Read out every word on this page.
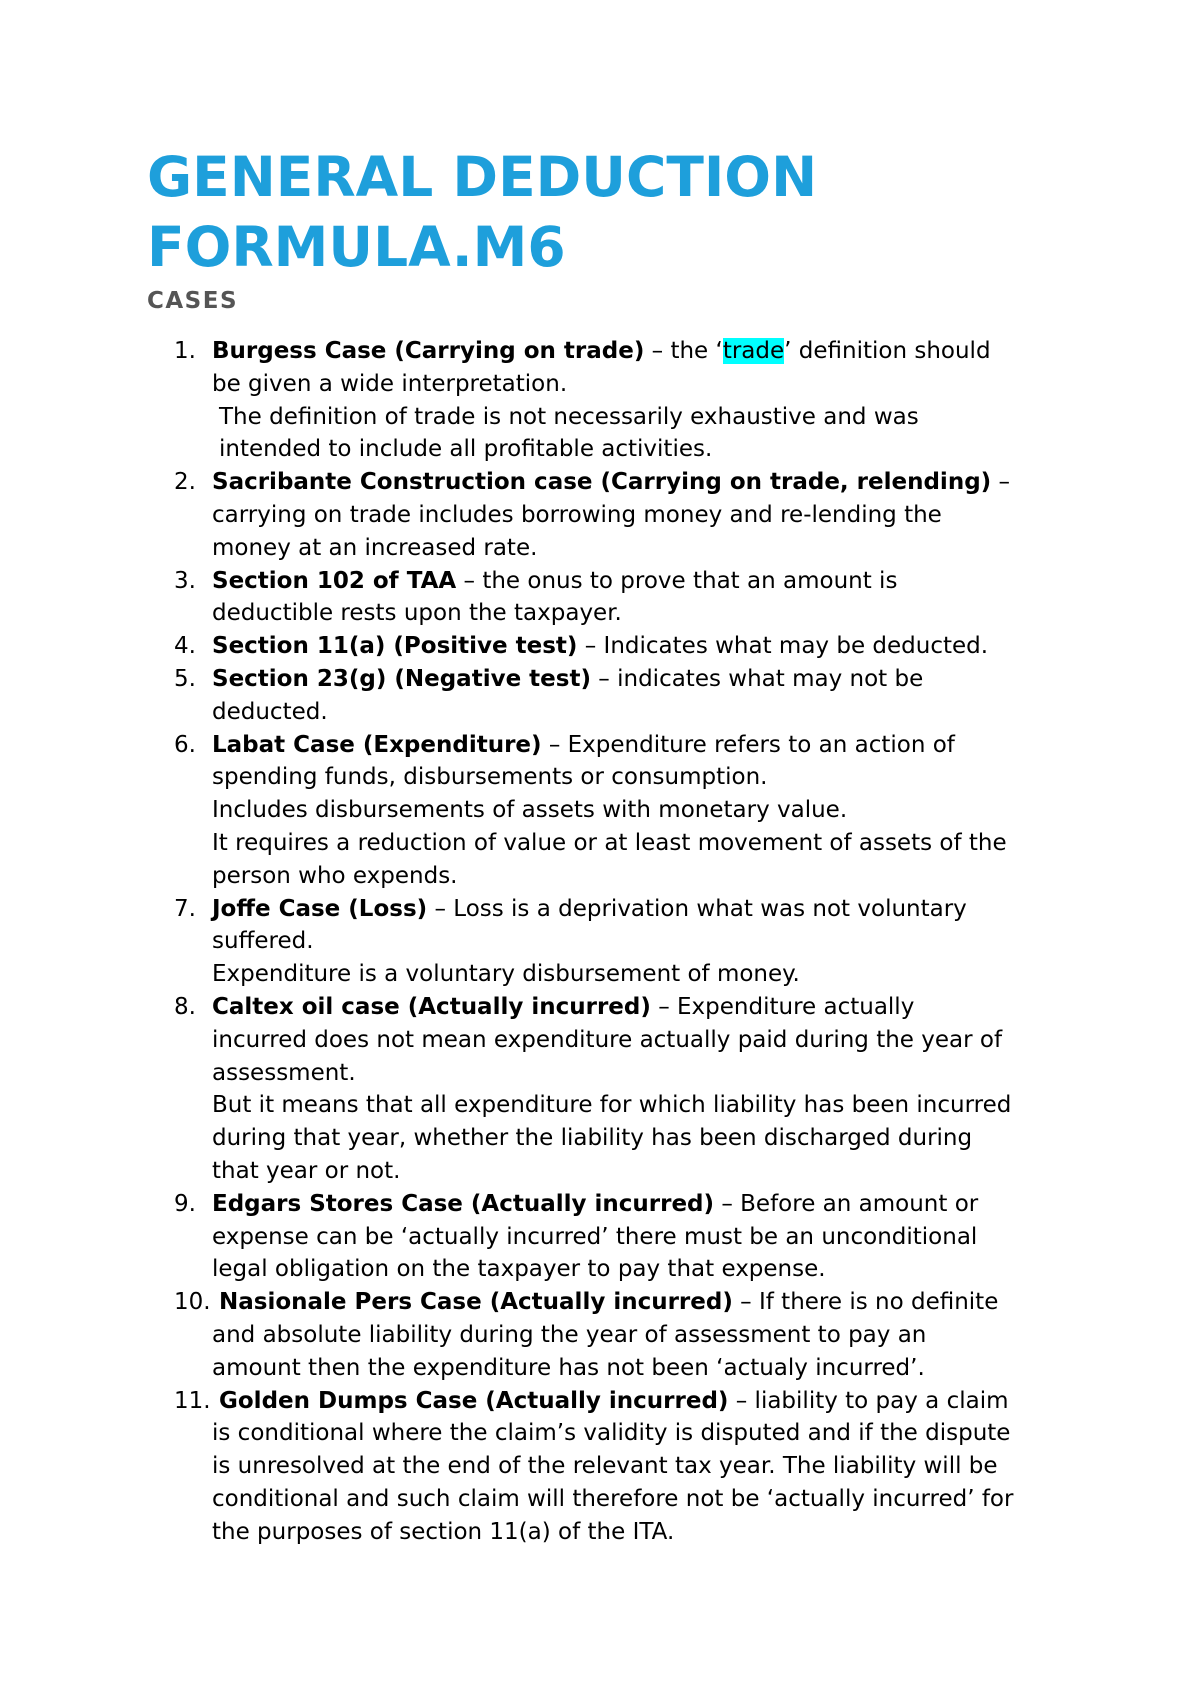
GENERAL DEDUCTION FORMULA.M6
CASES
1. Burgess Case (Carrying on trade) – the ‘trade’ definition should
be given a wide interpretation.
The definition of trade is not necessarily exhaustive and was
intended to include all profitable activities.
2. Sacribante Construction case (Carrying on trade, relending) –
carrying on trade includes borrowing money and re-lending the
money at an increased rate.
3. Section 102 of TAA – the onus to prove that an amount is
deductible rests upon the taxpayer.
4. Section 11(a) (Positive test) – Indicates what may be deducted.
5. Section 23(g) (Negative test) – indicates what may not be
deducted.
6. Labat Case (Expenditure) – Expenditure refers to an action of
spending funds, disbursements or consumption.
Includes disbursements of assets with monetary value.
It requires a reduction of value or at least movement of assets of the
person who expends.
7. Joffe Case (Loss) – Loss is a deprivation what was not voluntary
suffered.
Expenditure is a voluntary disbursement of money.
8. Caltex oil case (Actually incurred) – Expenditure actually
incurred does not mean expenditure actually paid during the year of
assessment.
But it means that all expenditure for which liability has been incurred
during that year, whether the liability has been discharged during
that year or not.
9. Edgars Stores Case (Actually incurred) – Before an amount or
expense can be ‘actually incurred’ there must be an unconditional
legal obligation on the taxpayer to pay that expense.
10. Nasionale Pers Case (Actually incurred) – If there is no definite
and absolute liability during the year of assessment to pay an
amount then the expenditure has not been ‘actualy incurred’.
11. Golden Dumps Case (Actually incurred) – liability to pay a claim
is conditional where the claim’s validity is disputed and if the dispute
is unresolved at the end of the relevant tax year. The liability will be
conditional and such claim will therefore not be ‘actually incurred’ for
the purposes of section 11(a) of the ITA.
